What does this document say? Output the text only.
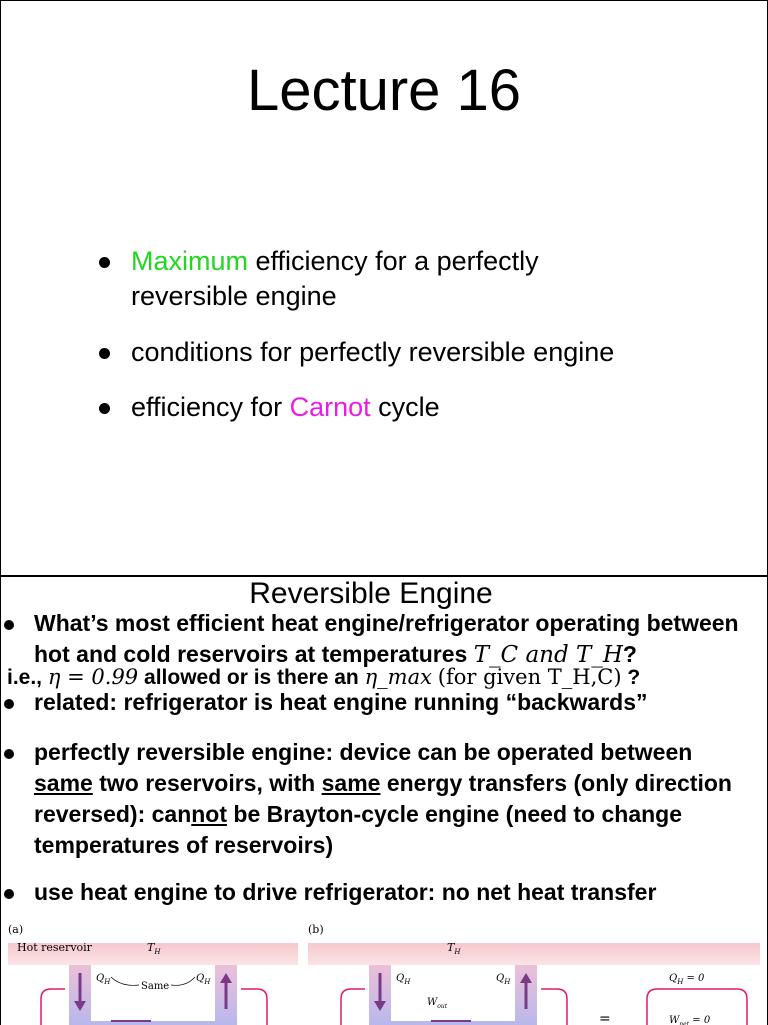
Lecture 16
Maximum efficiency for a perfectly reversible engine
conditions for perfectly reversible engine
efficiency for Carnot cycle
Reversible Engine
What’s most efficient heat engine/refrigerator operating between
hot and cold reservoirs at temperatures T_C and T_H?
i.e., η = 0.99 allowed or is there an η_max (for given T_H,C) ?
related: refrigerator is heat engine running “backwards”
perfectly reversible engine: device can be operated between same two reservoirs, with same energy transfers (only direction reversed): cannot be Brayton-cycle engine (need to change temperatures of reservoirs)
use heat engine to drive refrigerator: no net heat transfer
(a)
Hot reservoir	$T_H$
$Q_H$	$Q_H$
Same
(b)
$T_H$
$Q_H$	$Q_H$
$W_{out}$
=
$Q_H = 0$
$W_{net} = 0$
